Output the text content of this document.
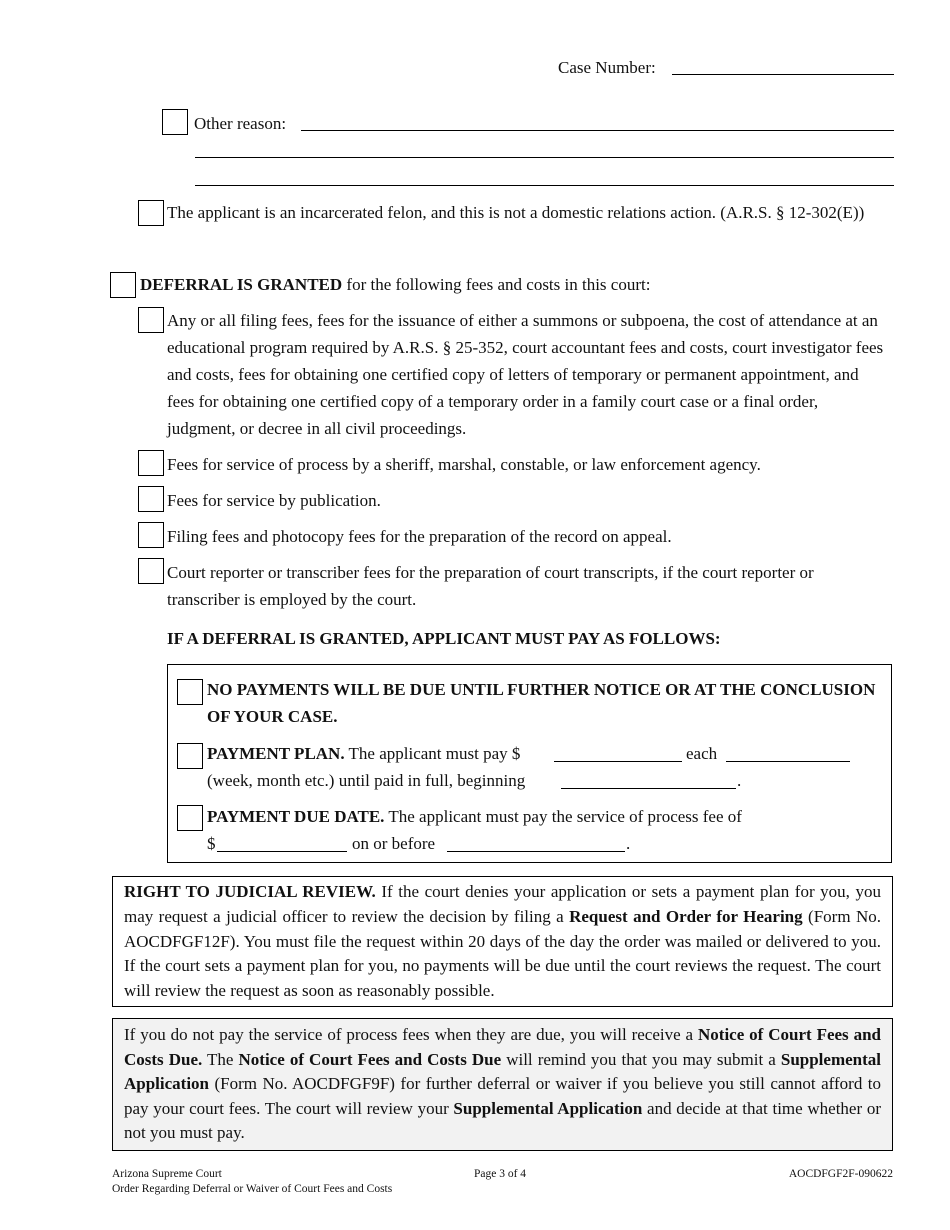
Case Number:
Other reason:
The applicant is an incarcerated felon, and this is not a domestic relations action. (A.R.S. § 12-302(E))
DEFERRAL IS GRANTED for the following fees and costs in this court:
Any or all filing fees, fees for the issuance of either a summons or subpoena, the cost of attendance at an educational program required by A.R.S. § 25-352, court accountant fees and costs, court investigator fees and costs, fees for obtaining one certified copy of letters of temporary or permanent appointment, and fees for obtaining one certified copy of a temporary order in a family court case or a final order, judgment, or decree in all civil proceedings.
Fees for service of process by a sheriff, marshal, constable, or law enforcement agency.
Fees for service by publication.
Filing fees and photocopy fees for the preparation of the record on appeal.
Court reporter or transcriber fees for the preparation of court transcripts, if the court reporter or transcriber is employed by the court.
IF A DEFERRAL IS GRANTED, APPLICANT MUST PAY AS FOLLOWS:
NO PAYMENTS WILL BE DUE UNTIL FURTHER NOTICE OR AT THE CONCLUSION OF YOUR CASE.
PAYMENT PLAN. The applicant must pay $	each
(week, month etc.) until paid in full, beginning	.
PAYMENT DUE DATE. The applicant must pay the service of process fee of
$	on or before	.
RIGHT TO JUDICIAL REVIEW. If the court denies your application or sets a payment plan for you, you may request a judicial officer to review the decision by filing a Request and Order for Hearing (Form No. AOCDFGF12F). You must file the request within 20 days of the day the order was mailed or delivered to you. If the court sets a payment plan for you, no payments will be due until the court reviews the request. The court will review the request as soon as reasonably possible.
If you do not pay the service of process fees when they are due, you will receive a Notice of Court Fees and Costs Due. The Notice of Court Fees and Costs Due will remind you that you may submit a Supplemental Application (Form No. AOCDFGF9F) for further deferral or waiver if you believe you still cannot afford to pay your court fees. The court will review your Supplemental Application and decide at that time whether or not you must pay.
Arizona Supreme Court
Order Regarding Deferral or Waiver of Court Fees and Costs
Page 3 of 4	AOCDFGF2F-090622
